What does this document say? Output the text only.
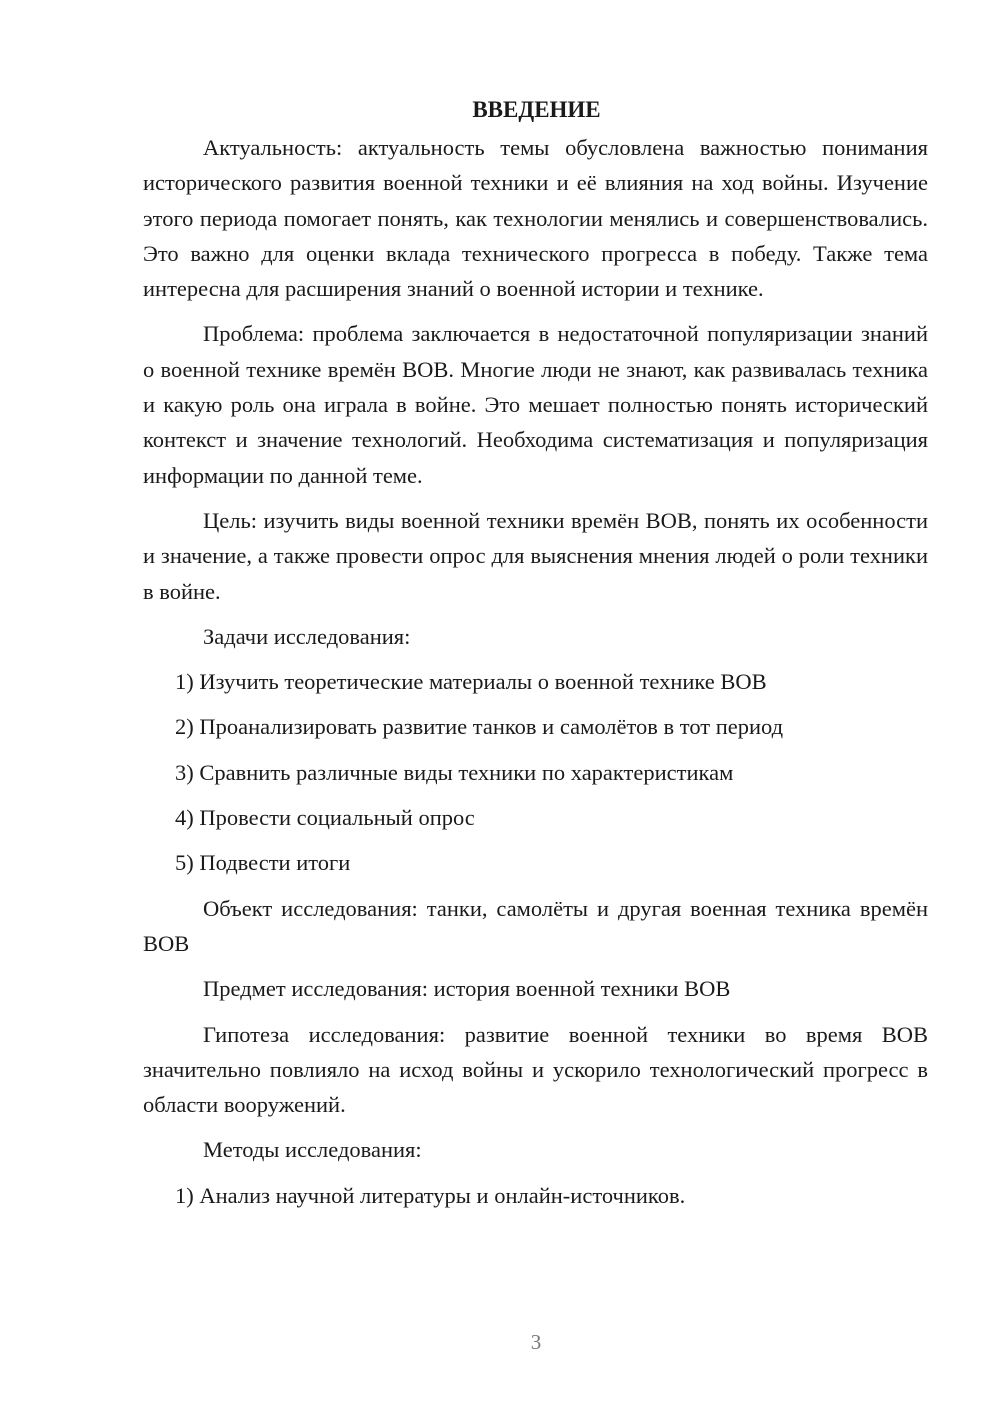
ВВЕДЕНИЕ

Актуальность: актуальность темы обусловлена важностью понимания исторического развития военной техники и её влияния на ход войны. Изучение этого периода помогает понять, как технологии менялись и совершенствовались. Это важно для оценки вклада технического прогресса в победу. Также тема интересна для расширения знаний о военной истории и технике.

Проблема: проблема заключается в недостаточной популяризации знаний о военной технике времён ВОВ. Многие люди не знают, как развивалась техника и какую роль она играла в войне. Это мешает полностью понять исторический контекст и значение технологий. Необходима систематизация и популяризация информации по данной теме.

Цель: изучить виды военной техники времён ВОВ, понять их особенности и значение, а также провести опрос для выяснения мнения людей о роли техники в войне.

Задачи исследования:
1) Изучить теоретические материалы о военной технике ВОВ
2) Проанализировать развитие танков и самолётов в тот период
3) Сравнить различные виды техники по характеристикам
4) Провести социальный опрос
5) Подвести итоги

Объект исследования: танки, самолёты и другая военная техника времён ВОВ

Предмет исследования: история военной техники ВОВ

Гипотеза исследования: развитие военной техники во время ВОВ значительно повлияло на исход войны и ускорило технологический прогресс в области вооружений.

Методы исследования:
1) Анализ научной литературы и онлайн-источников.
3
